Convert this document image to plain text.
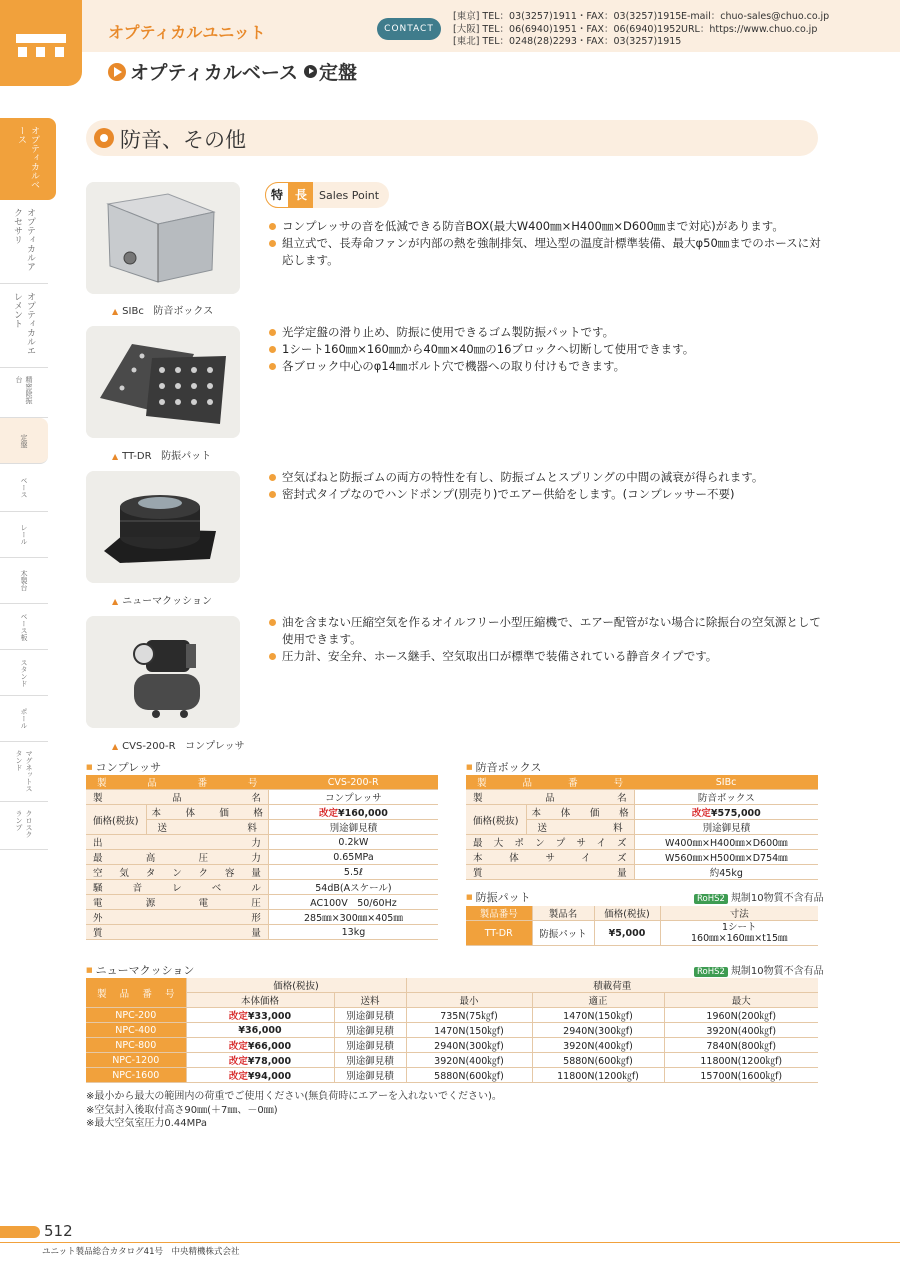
オプティカルユニット	CONTACT
[東京] TEL：03(3257)1911・FAX：03(3257)1915
[大阪] TEL：06(6940)1951・FAX：06(6940)1952
[東北] TEL：0248(28)2293・FAX：03(3257)1915
E-mail：chuo-sales@chuo.co.jp
URL：https://www.chuo.co.jp
オプティカルベース 定盤
オプティカルベース
オプティカルアクセサリ
オプティカルエレメント
精密除振台
定盤
ベース
レール
木製台
ベース板
スタンド
ポール
マグネットスタンド
クロスクランプ
防音、その他
特 長	Sales Point
▲ SIBc 防音ボックス

コンプレッサの音を低減できる防音BOX(最大W400㎜×H400㎜×D600㎜まで対応)があります。

組立式で、長寿命ファンが内部の熱を強制排気、埋込型の温度計標準装備、最大φ50㎜までのホースに対応します。

▲ TT-DR 防振パット

光学定盤の滑り止め、防振に使用できるゴム製防振パットです。

1シート160㎜×160㎜から40㎜×40㎜の16ブロックへ切断して使用できます。

各ブロック中心のφ14㎜ボルト穴で機器への取り付けもできます。

▲ ニューマクッション

空気ばねと防振ゴムの両方の特性を有し、防振ゴムとスプリングの中間の減衰が得られます。

密封式タイプなのでハンドポンプ(別売り)でエアー供給をします。(コンプレッサー不要)

▲ CVS-200-R コンプレッサ

油を含まない圧縮空気を作るオイルフリー小型圧縮機で、エアー配管がない場合に除振台の空気源として使用できます。

圧力計、安全弁、ホース継手、空気取出口が標準で装備されている静音タイプです。

■ コンプレッサ
製品番号		CVS-200-R
製品名		コンプレッサ
価格(税抜)	本体価格	改定¥160,000
	送料	別途御見積
出力		0.2kW
最高圧力		0.65MPa
空気タンク容量		5.5ℓ
騒音レベル		54dB(Aスケール)
電源電圧		AC100V　50/60Hz
外形		285㎜×300㎜×405㎜
質量		13kg
■ 防音ボックス
製品番号		SIBc
製品名		防音ボックス
価格(税抜)	本体価格	改定¥575,000
	送料	別途御見積
最大ポンプサイズ		W400㎜×H400㎜×D600㎜
本体サイズ		W560㎜×H500㎜×D754㎜
質量		約45kg
■ 防振パット	RoHS2 規制10物質不含有品
製品番号	製品名	価格(税抜)	寸法
TT-DR	防振パット	¥5,000	1シート
160㎜×160㎜×t15㎜
■ ニューマクッション	RoHS2 規制10物質不含有品
製品番号	価格(税抜)		積載荷重		
	本体価格	送料	最小	適正	最大
NPC-200	改定¥33,000	別途御見積	735N(75㎏f)	1470N(150㎏f)	1960N(200㎏f)
NPC-400	¥36,000	別途御見積	1470N(150㎏f)	2940N(300㎏f)	3920N(400㎏f)
NPC-800	改定¥66,000	別途御見積	2940N(300㎏f)	3920N(400㎏f)	7840N(800㎏f)
NPC-1200	改定¥78,000	別途御見積	3920N(400㎏f)	5880N(600㎏f)	11800N(1200㎏f)
NPC-1600	改定¥94,000	別途御見積	5880N(600㎏f)	11800N(1200㎏f)	15700N(1600㎏f)
※最小から最大の範囲内の荷重でご使用ください(無負荷時にエアーを入れないでください)。
※空気封入後取付高さ90㎜(＋7㎜、－0㎜)
※最大空気室圧力0.44MPa
512
ユニット製品総合カタログ41号　中央精機株式会社
